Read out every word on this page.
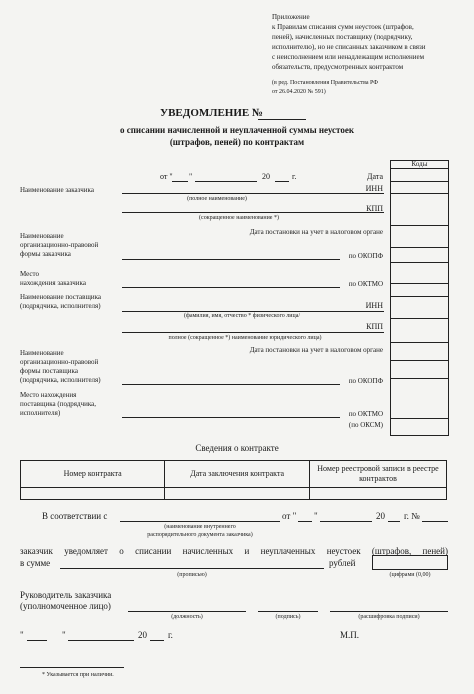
Приложение
к Правилам списания сумм неустоек (штрафов,
пеней), начисленных поставщику (подрядчику,
исполнителю), но не списанных заказчиком в связи
с неисполнением или ненадлежащим исполнением
обязательств, предусмотренных контрактом
(в ред. Постановления Правительства РФ
от 26.04.2020 № 591)
УВЕДОМЛЕНИЕ №
о списании начисленной и неуплаченной суммы неустоек
(штрафов, пеней) по контрактам
Коды
от " "	20	г.	Дата
Наименование заказчика	ИНН
(полное наименование)
КПП
(сокращенное наименование *)
Дата постановки на учет в налоговом органе
Наименование
организационно-правовой
формы заказчика	по ОКОПФ
Место
нахождения заказчика	по ОКТМО
Наименование поставщика
(подрядчика, исполнителя)	ИНН
(фамилия, имя, отчество * физического лица/
КПП
полное (сокращенное *) наименование юридического лица)
Дата постановки на учет в налоговом органе
Наименование
организационно-правовой
формы поставщика
(подрядчика, исполнителя)	по ОКОПФ
Место нахождения
поставщика (подрядчика,
исполнителя)	по ОКТМО
(по ОКСМ)
Сведения о контракте
Номер контракта	Дата заключения контракта	Номер реестровой записи в реестре контрактов

В соответствии с
(наименование внутреннего
распорядительного документа заказчика)
от " "	20 г. №
заказчик уведомляет о списании начисленных и неуплаченных неустоек (штрафов, пеней)
в сумме	рублей
(прописью)	(цифрами (0,00)
Руководитель заказчика
(уполномоченное лицо)
(должность)	(подпись)	(расшифровка подписи)
"	"	20 г.	М.П.
* Указывается при наличии.
